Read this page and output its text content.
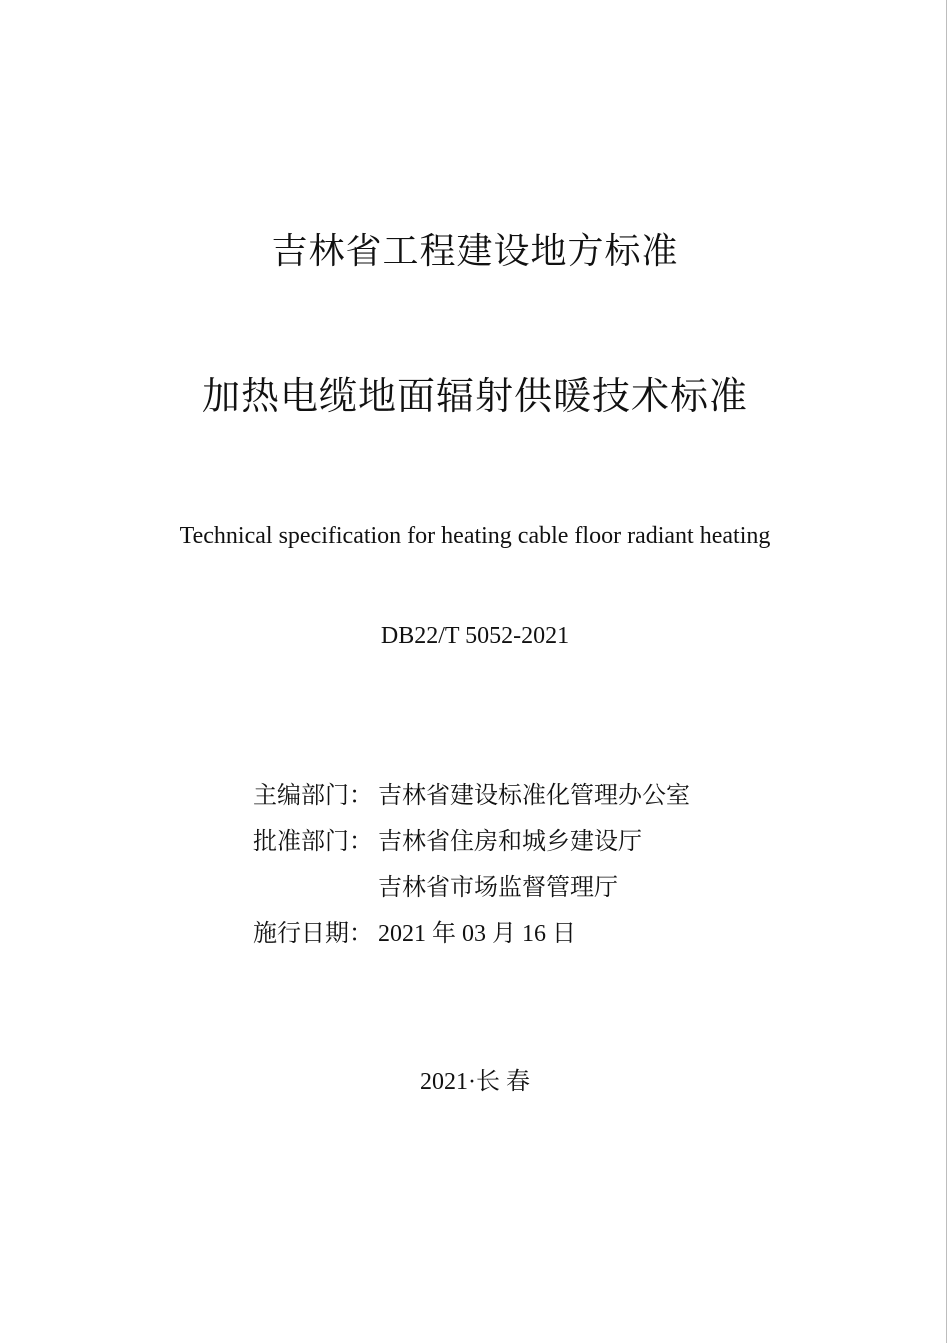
吉林省工程建设地方标准
加热电缆地面辐射供暖技术标准
Technical specification for heating cable floor radiant heating
DB22/T 5052-2021
主编部门： 吉林省建设标准化管理办公室
批准部门： 吉林省住房和城乡建设厅
吉林省市场监督管理厅
施行日期： 2021 年 03 月 16 日
2021·长 春
